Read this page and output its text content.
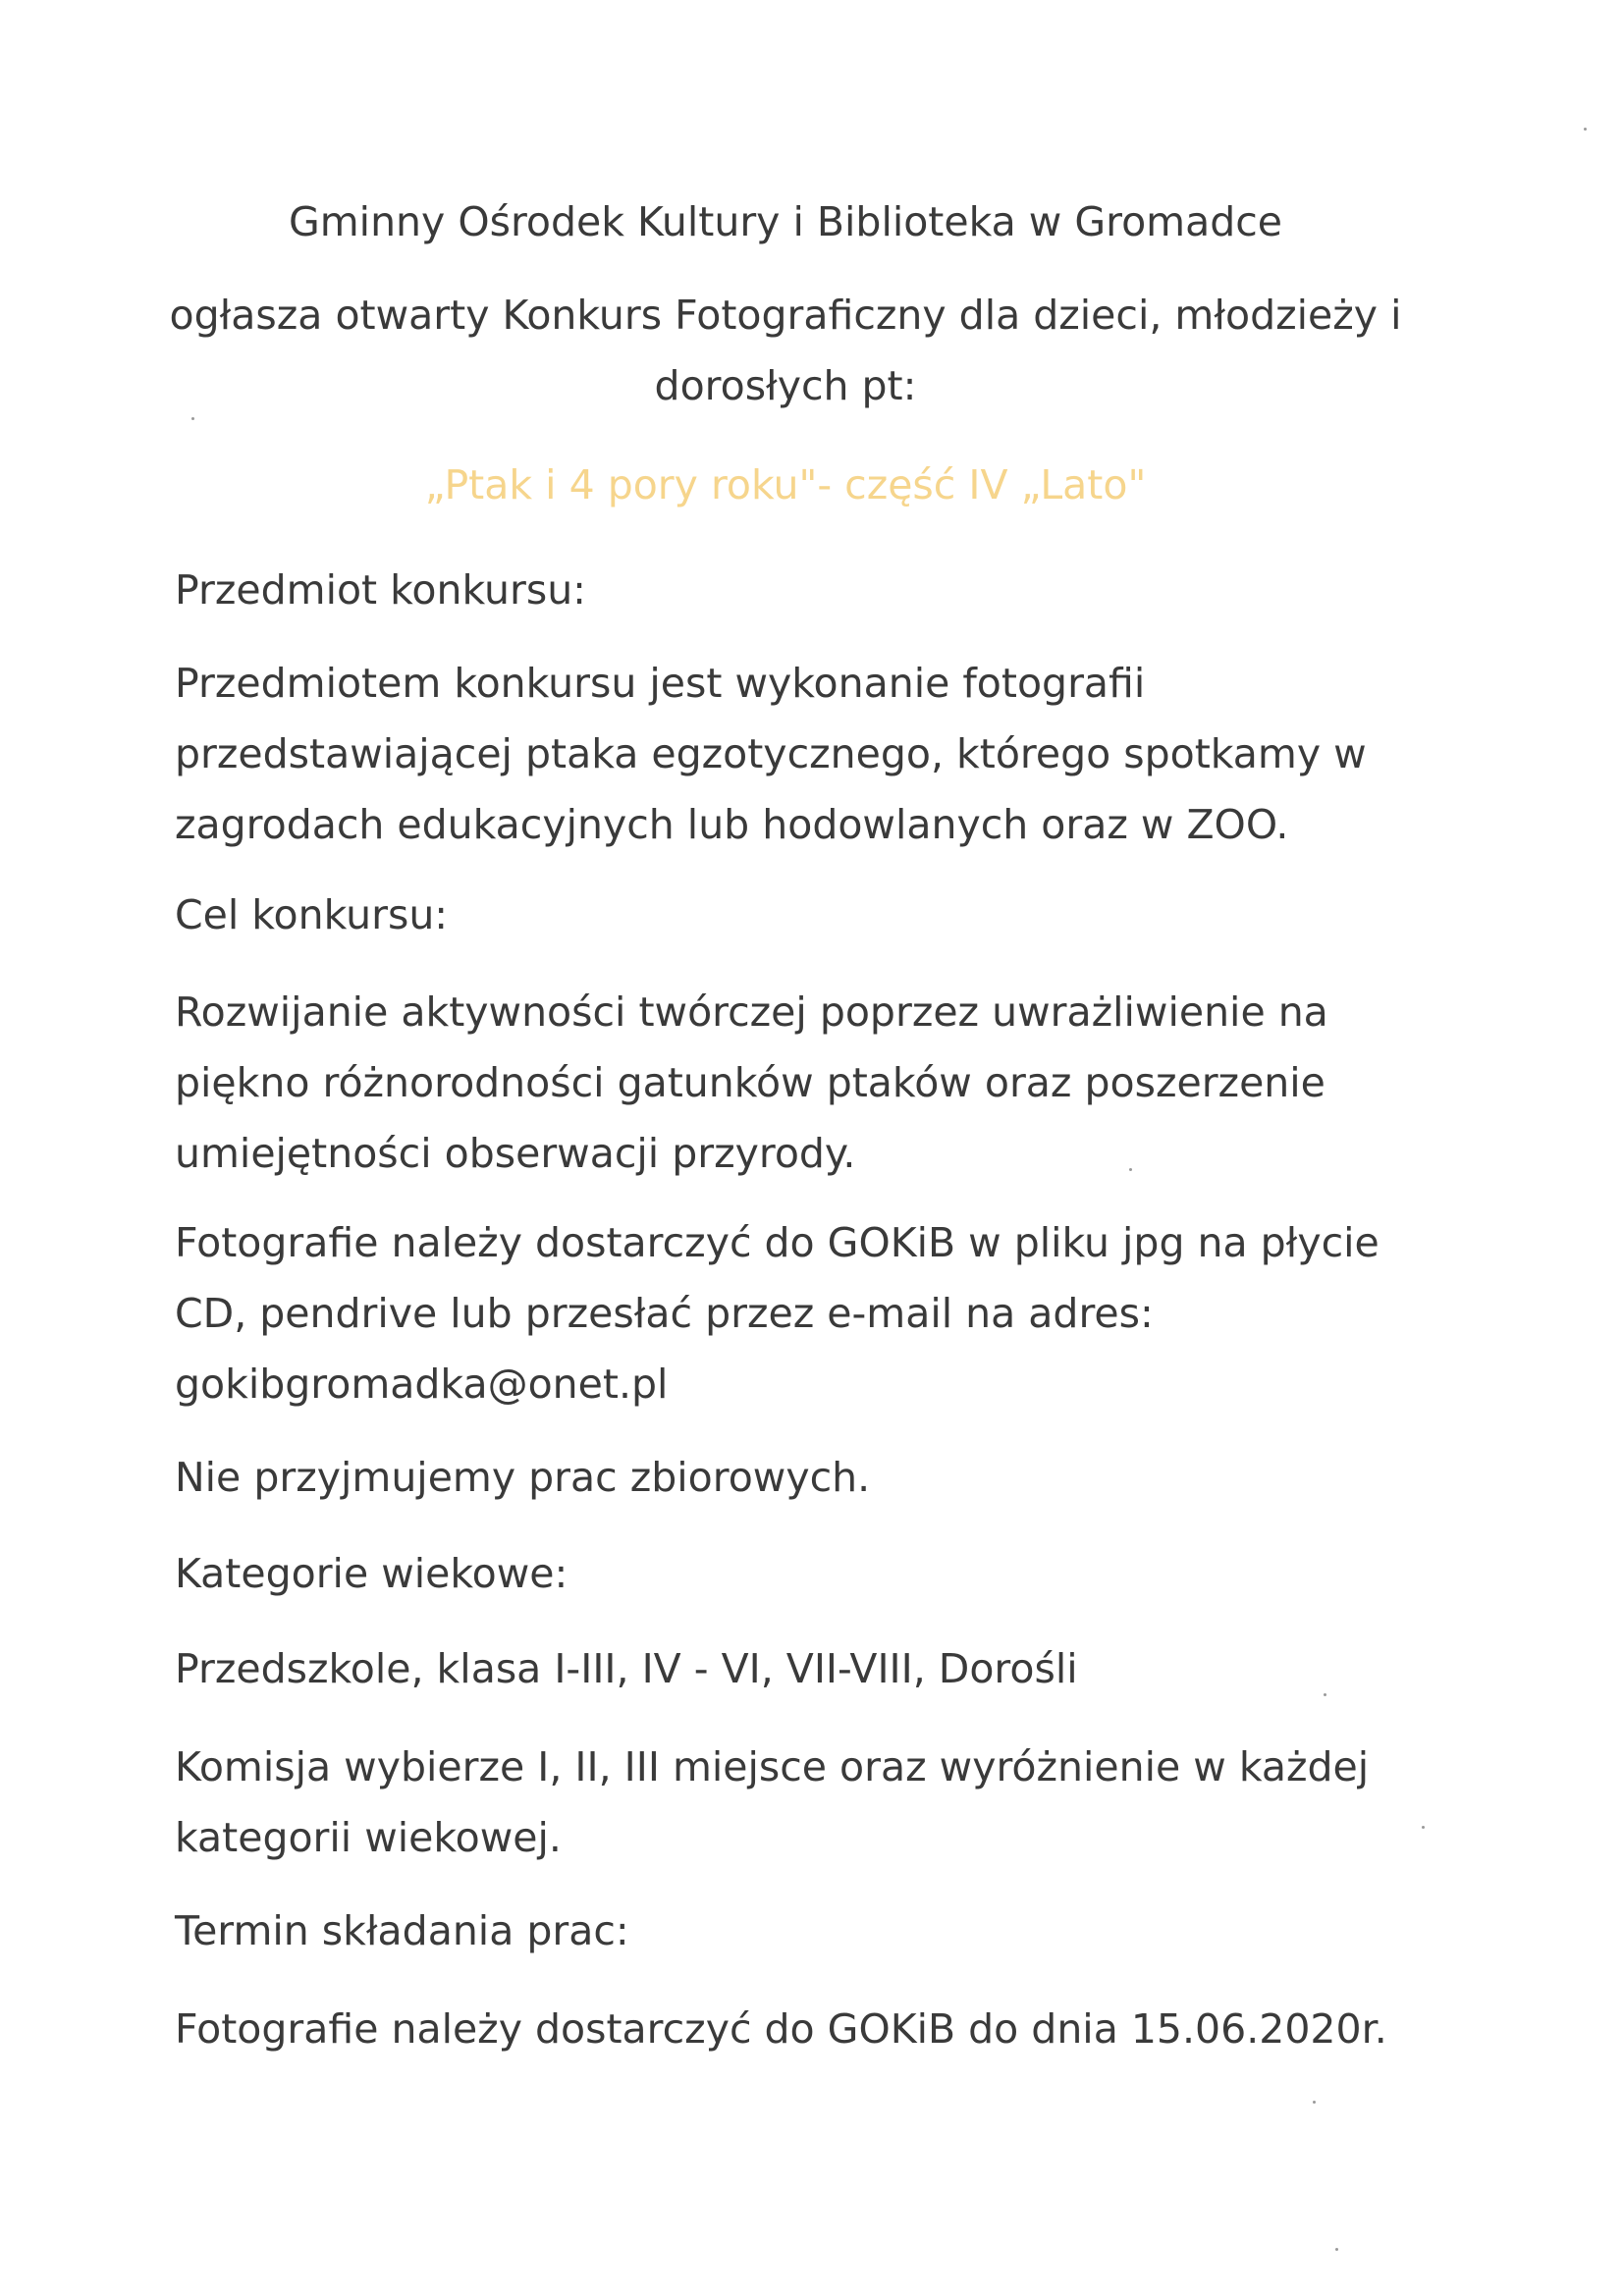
Gminny Ośrodek Kultury i Biblioteka w Gromadce

ogłasza otwarty Konkurs Fotograficzny dla dzieci, młodzieży i dorosłych pt:

„Ptak i 4 pory roku"- część IV „Lato"

Przedmiot konkursu:

Przedmiotem konkursu jest wykonanie fotografii przedstawiającej ptaka egzotycznego, którego spotkamy w zagrodach edukacyjnych lub hodowlanych oraz w ZOO.

Cel konkursu:

Rozwijanie aktywności twórczej poprzez uwrażliwienie na piękno różnorodności gatunków ptaków oraz poszerzenie umiejętności obserwacji przyrody.

Fotografie należy dostarczyć do GOKiB w pliku jpg na płycie CD, pendrive lub przesłać przez e-mail na adres: gokibgromadka@onet.pl

Nie przyjmujemy prac zbiorowych.

Kategorie wiekowe:

Przedszkole, klasa I-III, IV - VI, VII-VIII, Dorośli

Komisja wybierze I, II, III miejsce oraz wyróżnienie w każdej kategorii wiekowej.

Termin składania prac:

Fotografie należy dostarczyć do GOKiB do dnia 15.06.2020r.
